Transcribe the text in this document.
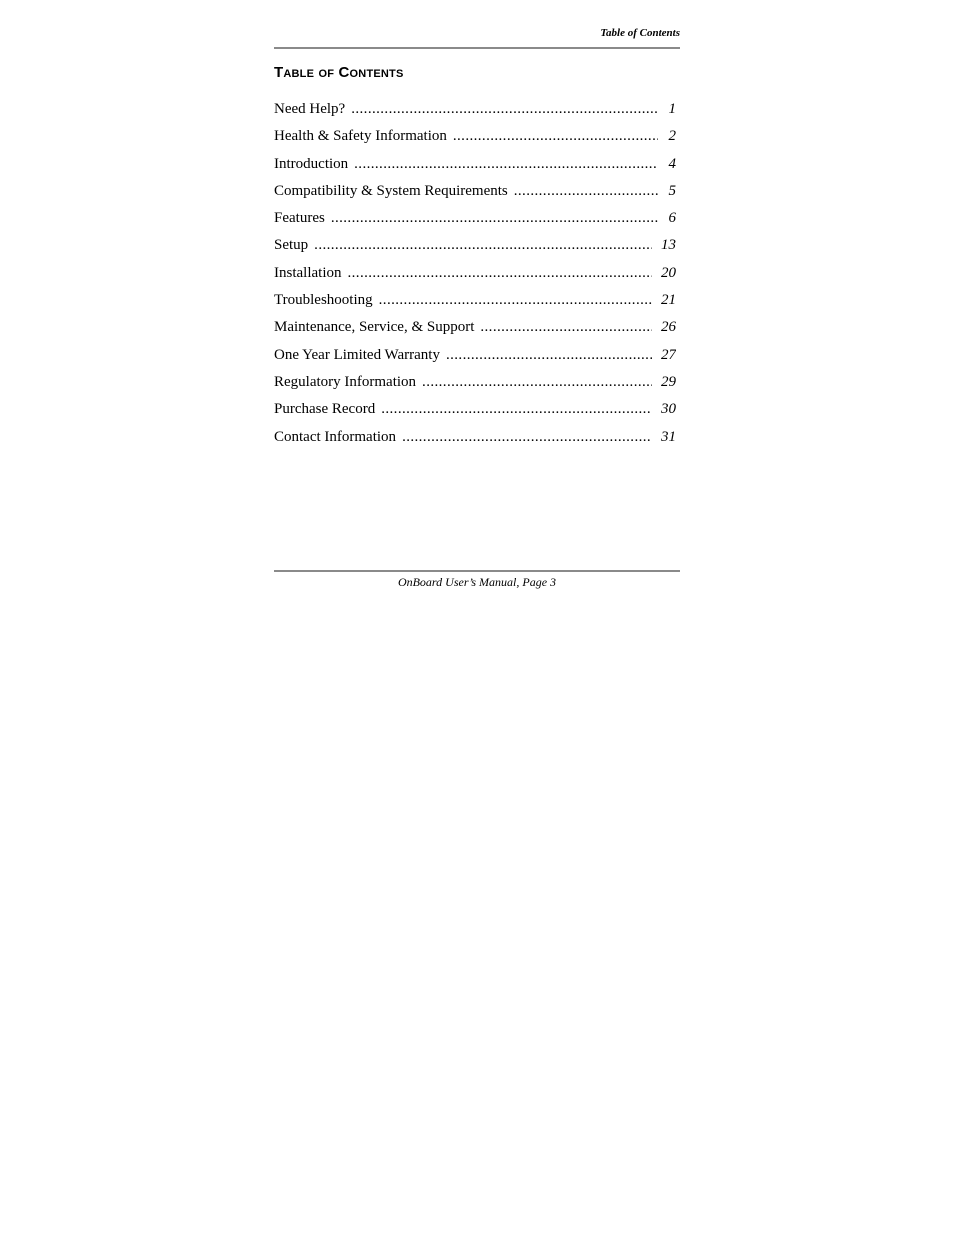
Table of Contents
Table of Contents
Need Help? .....	1
Health & Safety Information .....	2
Introduction .....	4
Compatibility & System Requirements .....	5
Features .....	6
Setup .....	13
Installation .....	20
Troubleshooting .....	21
Maintenance, Service, & Support .....	26
One Year Limited Warranty .....	27
Regulatory Information .....	29
Purchase Record .....	30
Contact Information .....	31
OnBoard User’s Manual, Page 3
